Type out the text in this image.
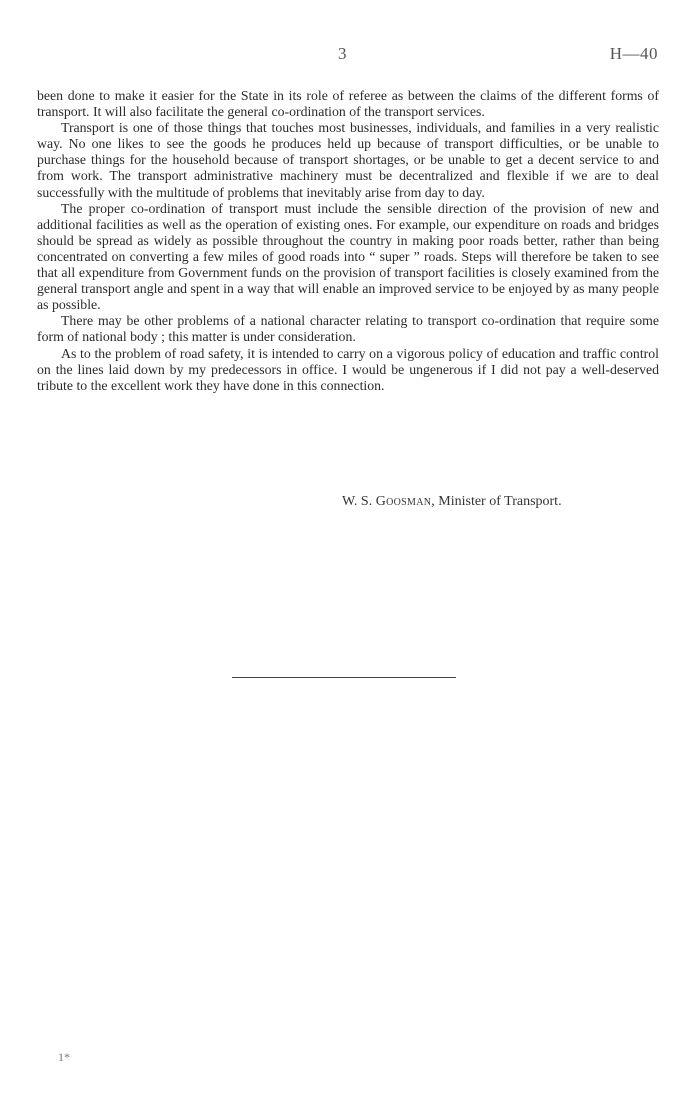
3	H—40

been done to make it easier for the State in its role of referee as between the claims of the different forms of transport. It will also facilitate the general co-ordination of the transport services.

Transport is one of those things that touches most businesses, individuals, and families in a very realistic way. No one likes to see the goods he produces held up because of transport difficulties, or be unable to purchase things for the household because of transport shortages, or be unable to get a decent service to and from work. The transport administrative machinery must be decentralized and flexible if we are to deal successfully with the multitude of problems that inevitably arise from day to day.

The proper co-ordination of transport must include the sensible direction of the provision of new and additional facilities as well as the operation of existing ones. For example, our expenditure on roads and bridges should be spread as widely as possible throughout the country in making poor roads better, rather than being concentrated on converting a few miles of good roads into “ super ” roads. Steps will therefore be taken to see that all expenditure from Government funds on the provision of transport facilities is closely examined from the general transport angle and spent in a way that will enable an improved service to be enjoyed by as many people as possible.

There may be other problems of a national character relating to transport co-ordination that require some form of national body ; this matter is under consideration.

As to the problem of road safety, it is intended to carry on a vigorous policy of education and traffic control on the lines laid down by my predecessors in office. I would be ungenerous if I did not pay a well-deserved tribute to the excellent work they have done in this connection.

W. S. Goosman, Minister of Transport.
1*
